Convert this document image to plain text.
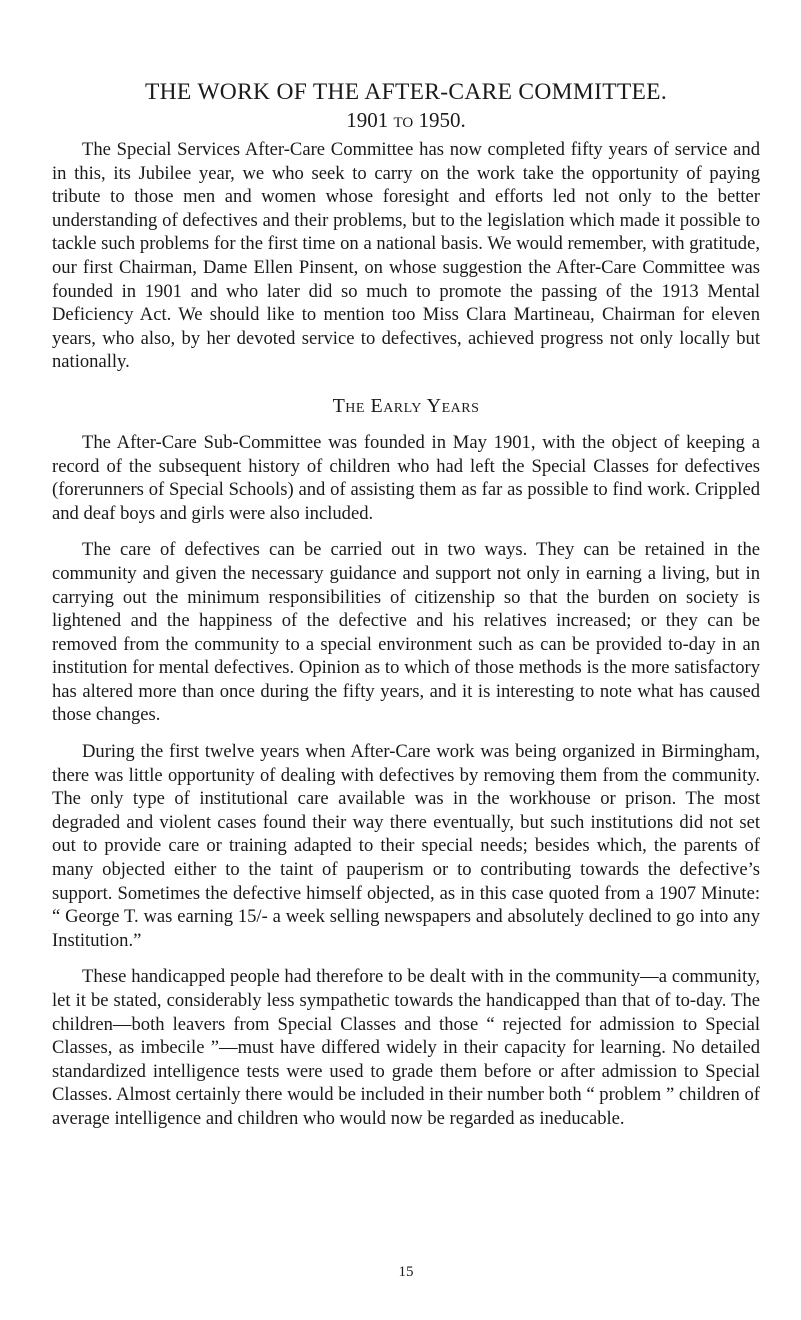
THE WORK OF THE AFTER-CARE COMMITTEE.
1901 to 1950.

The Special Services After-Care Committee has now completed fifty years of service and in this, its Jubilee year, we who seek to carry on the work take the opportunity of paying tribute to those men and women whose foresight and efforts led not only to the better understanding of defectives and their problems, but to the legislation which made it possible to tackle such problems for the first time on a national basis. We would remember, with gratitude, our first Chairman, Dame Ellen Pinsent, on whose suggestion the After-Care Committee was founded in 1901 and who later did so much to promote the passing of the 1913 Mental Deficiency Act. We should like to mention too Miss Clara Martineau, Chairman for eleven years, who also, by her devoted service to defectives, achieved progress not only locally but nationally.

The Early Years

The After-Care Sub-Committee was founded in May 1901, with the object of keeping a record of the subsequent history of children who had left the Special Classes for defectives (forerunners of Special Schools) and of assisting them as far as possible to find work. Crippled and deaf boys and girls were also included.

The care of defectives can be carried out in two ways. They can be retained in the community and given the necessary guidance and support not only in earning a living, but in carrying out the minimum responsibilities of citizenship so that the burden on society is lightened and the happiness of the defective and his relatives increased; or they can be removed from the community to a special environment such as can be provided to-day in an institution for mental defectives. Opinion as to which of those methods is the more satisfactory has altered more than once during the fifty years, and it is interesting to note what has caused those changes.

During the first twelve years when After-Care work was being organized in Birmingham, there was little opportunity of dealing with defectives by removing them from the community. The only type of institutional care available was in the workhouse or prison. The most degraded and violent cases found their way there eventually, but such institutions did not set out to provide care or training adapted to their special needs; besides which, the parents of many objected either to the taint of pauperism or to contributing towards the defective’s support. Sometimes the defective himself objected, as in this case quoted from a 1907 Minute: “ George T. was earning 15/- a week selling newspapers and absolutely declined to go into any Institution.”

These handicapped people had therefore to be dealt with in the community—a community, let it be stated, considerably less sympathetic towards the handicapped than that of to-day. The children—both leavers from Special Classes and those “ rejected for admission to Special Classes, as imbecile ”—must have differed widely in their capacity for learning. No detailed standardized intelligence tests were used to grade them before or after admission to Special Classes. Almost certainly there would be included in their number both “ problem ” children of average intelligence and children who would now be regarded as ineducable.

15
